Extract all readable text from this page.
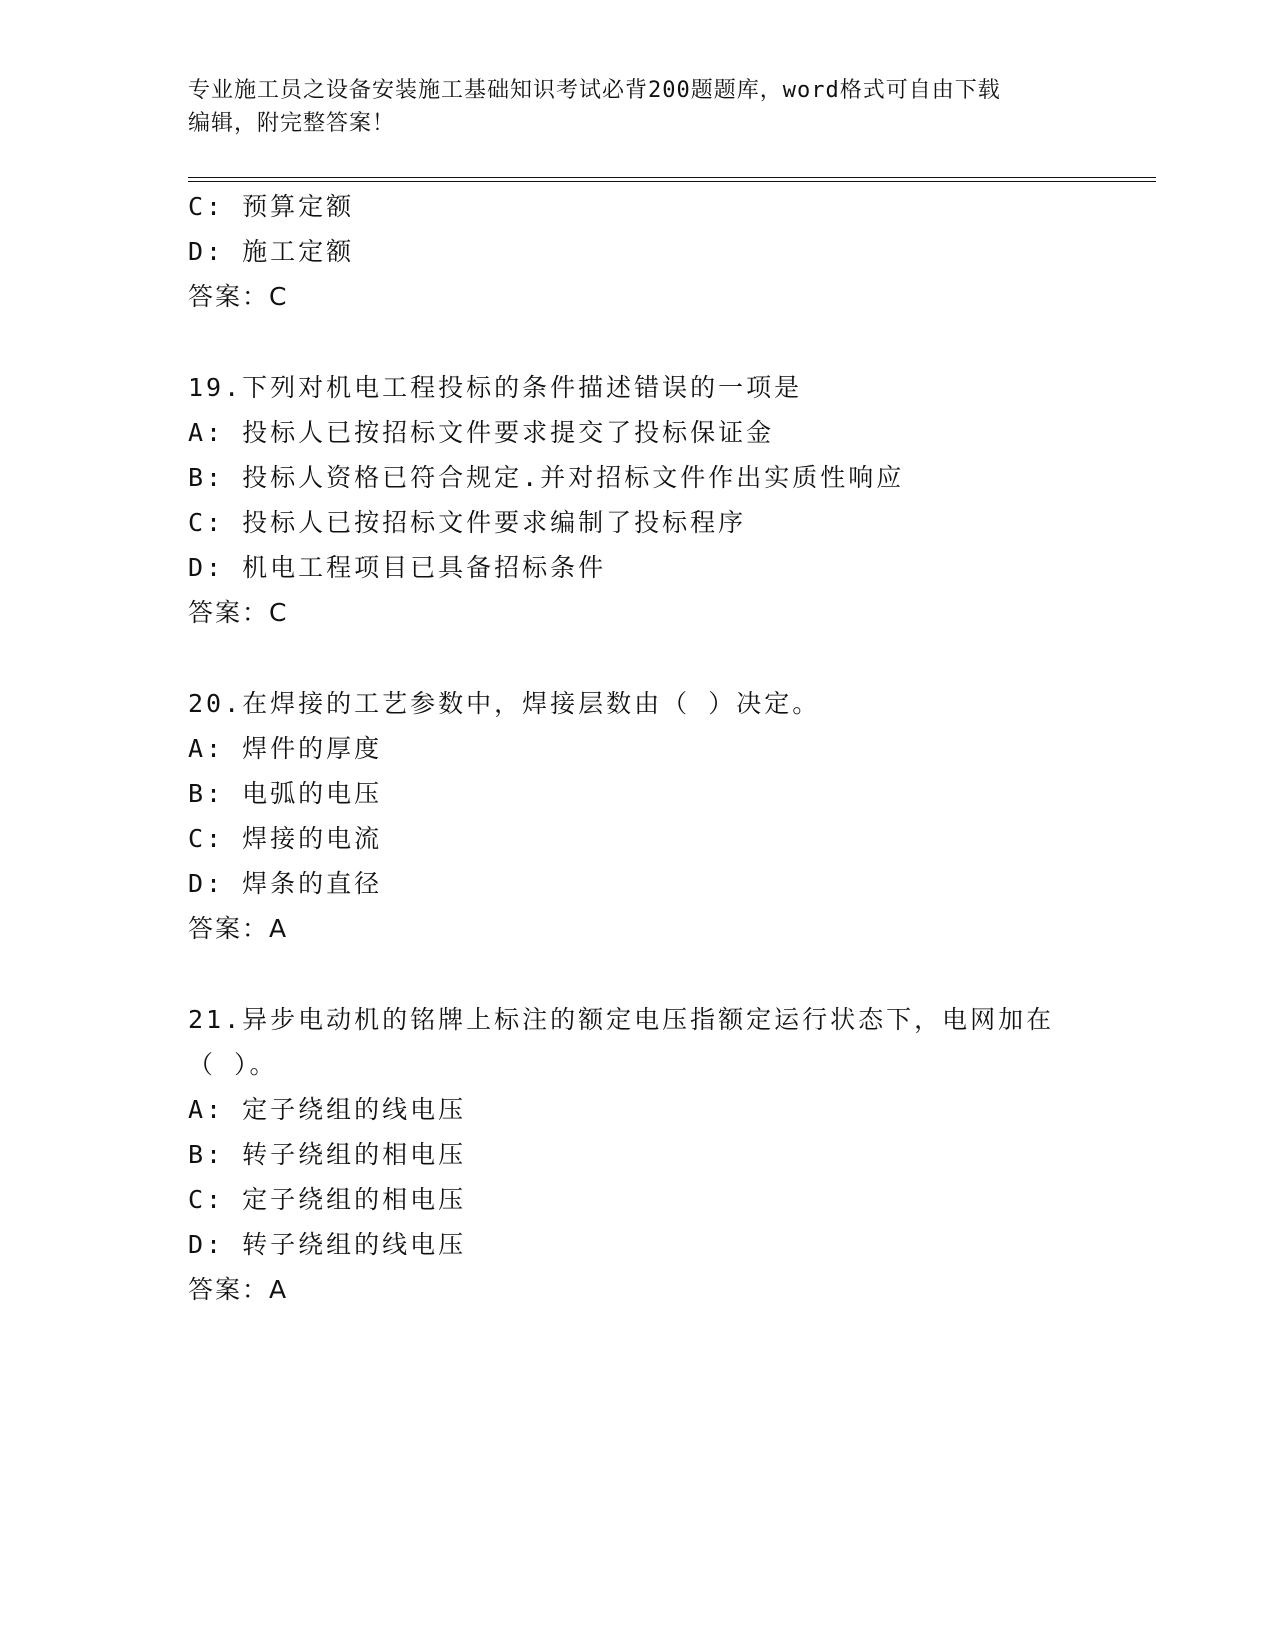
专业施工员之设备安装施工基础知识考试必背200题题库，word格式可自由下载
编辑，附完整答案！
C: 预算定额
D: 施工定额
答案：C
19.下列对机电工程投标的条件描述错误的一项是
A: 投标人已按招标文件要求提交了投标保证金
B: 投标人资格已符合规定.并对招标文件作出实质性响应
C: 投标人已按招标文件要求编制了投标程序
D: 机电工程项目已具备招标条件
答案：C
20.在焊接的工艺参数中，焊接层数由（ ）决定。
A: 焊件的厚度
B: 电弧的电压
C: 焊接的电流
D: 焊条的直径
答案：A
21.异步电动机的铭牌上标注的额定电压指额定运行状态下，电网加在
（ ）。
A: 定子绕组的线电压
B: 转子绕组的相电压
C: 定子绕组的相电压
D: 转子绕组的线电压
答案：A
